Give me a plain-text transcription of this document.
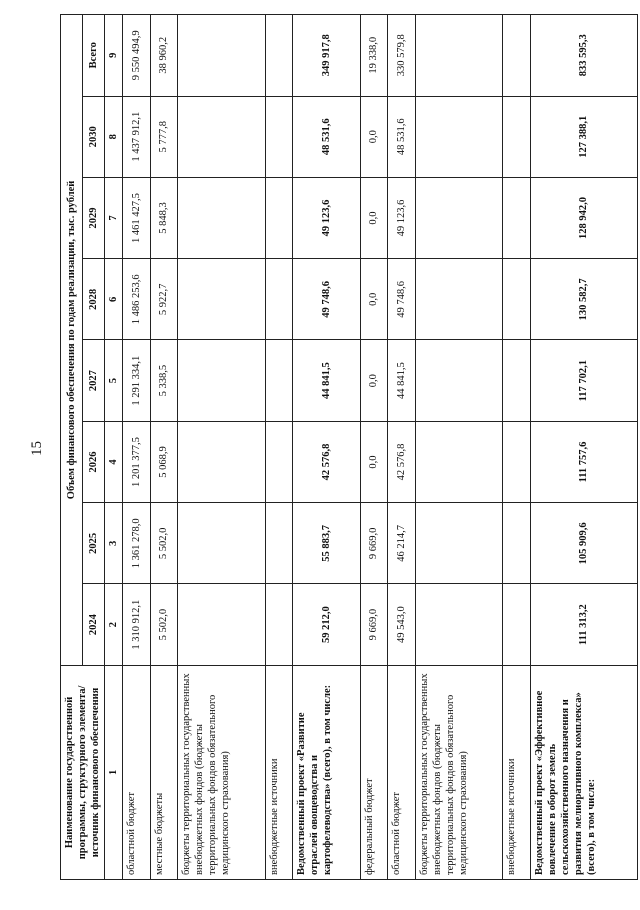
15
Наименование государственной программы, структурного элемента/источник финансового обеспечения	Объем финансового обеспечения по годам реализации, тыс. рублей							
	2024	2025	2026	2027	2028	2029	2030	Всего
1	2	3	4	5	6	7	8	9
областной бюджет	1 310 912,1	1 361 278,0	1 201 377,5	1 291 334,1	1 486 253,6	1 461 427,5	1 437 912,1	9 550 494,9
местные бюджеты	5 502,0	5 502,0	5 068,9	5 338,5	5 922,7	5 848,3	5 777,8	38 960,2
бюджеты территориальных государственных внебюджетных фондов (бюджеты территориальных фондов обязательного медицинского страхования)								
внебюджетные источники								
Ведомственный проект «Развитие отраслей овощеводства и картофелеводства» (всего), в том числе:	59 212,0	55 883,7	42 576,8	44 841,5	49 748,6	49 123,6	48 531,6	349 917,8
федеральный бюджет	9 669,0	9 669,0	0,0	0,0	0,0	0,0	0,0	19 338,0
областной бюджет	49 543,0	46 214,7	42 576,8	44 841,5	49 748,6	49 123,6	48 531,6	330 579,8
бюджеты территориальных государственных внебюджетных фондов (бюджеты территориальных фондов обязательного медицинского страхования)								
внебюджетные источники								
Ведомственный проект «Эффективное вовлечение в оборот земель сельскохозяйственного назначения и развития мелиоративного комплекса» (всего), в том числе:	111 313,2	105 909,6	111 757,6	117 702,1	130 582,7	128 942,0	127 388,1	833 595,3
